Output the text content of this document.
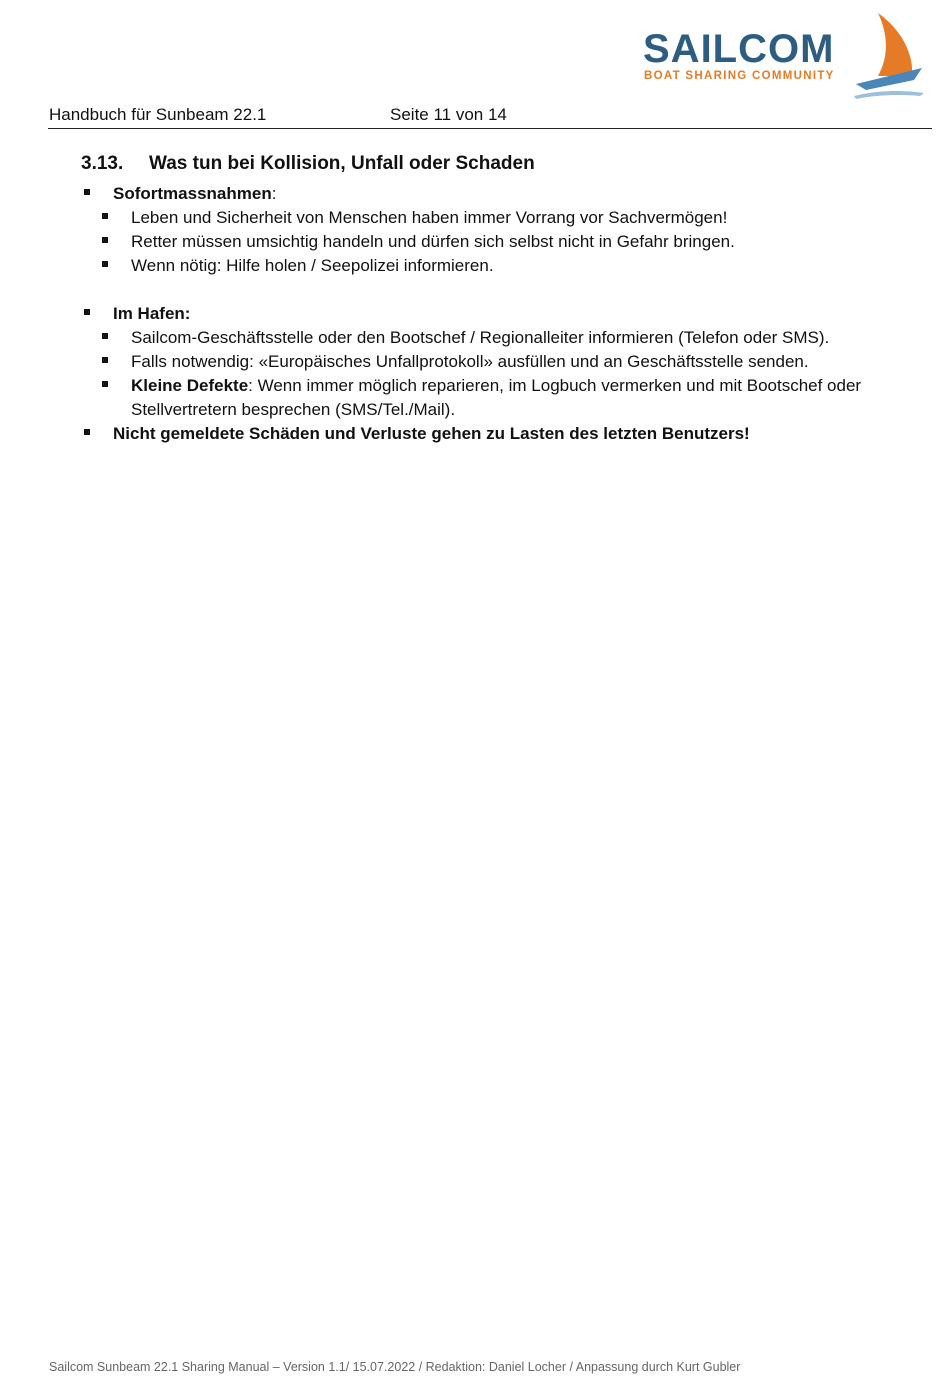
SAILCOM
BOAT SHARING COMMUNITY
Handbuch für Sunbeam 22.1	Seite 11 von 14
3.13. Was tun bei Kollision, Unfall oder Schaden
Sofortmassnahmen:
Leben und Sicherheit von Menschen haben immer Vorrang vor Sachvermögen!
Retter müssen umsichtig handeln und dürfen sich selbst nicht in Gefahr bringen.
Wenn nötig: Hilfe holen / Seepolizei informieren.
Im Hafen:
Sailcom-Geschäftsstelle oder den Bootschef / Regionalleiter informieren (Telefon oder SMS).
Falls notwendig: «Europäisches Unfallprotokoll» ausfüllen und an Geschäftsstelle senden.
Kleine Defekte: Wenn immer möglich reparieren, im Logbuch vermerken und mit Bootschef oder
Stellvertretern besprechen (SMS/Tel./Mail).
Nicht gemeldete Schäden und Verluste gehen zu Lasten des letzten Benutzers!
Sailcom Sunbeam 22.1 Sharing Manual – Version 1.1/ 15.07.2022 / Redaktion: Daniel Locher / Anpassung durch Kurt Gubler
